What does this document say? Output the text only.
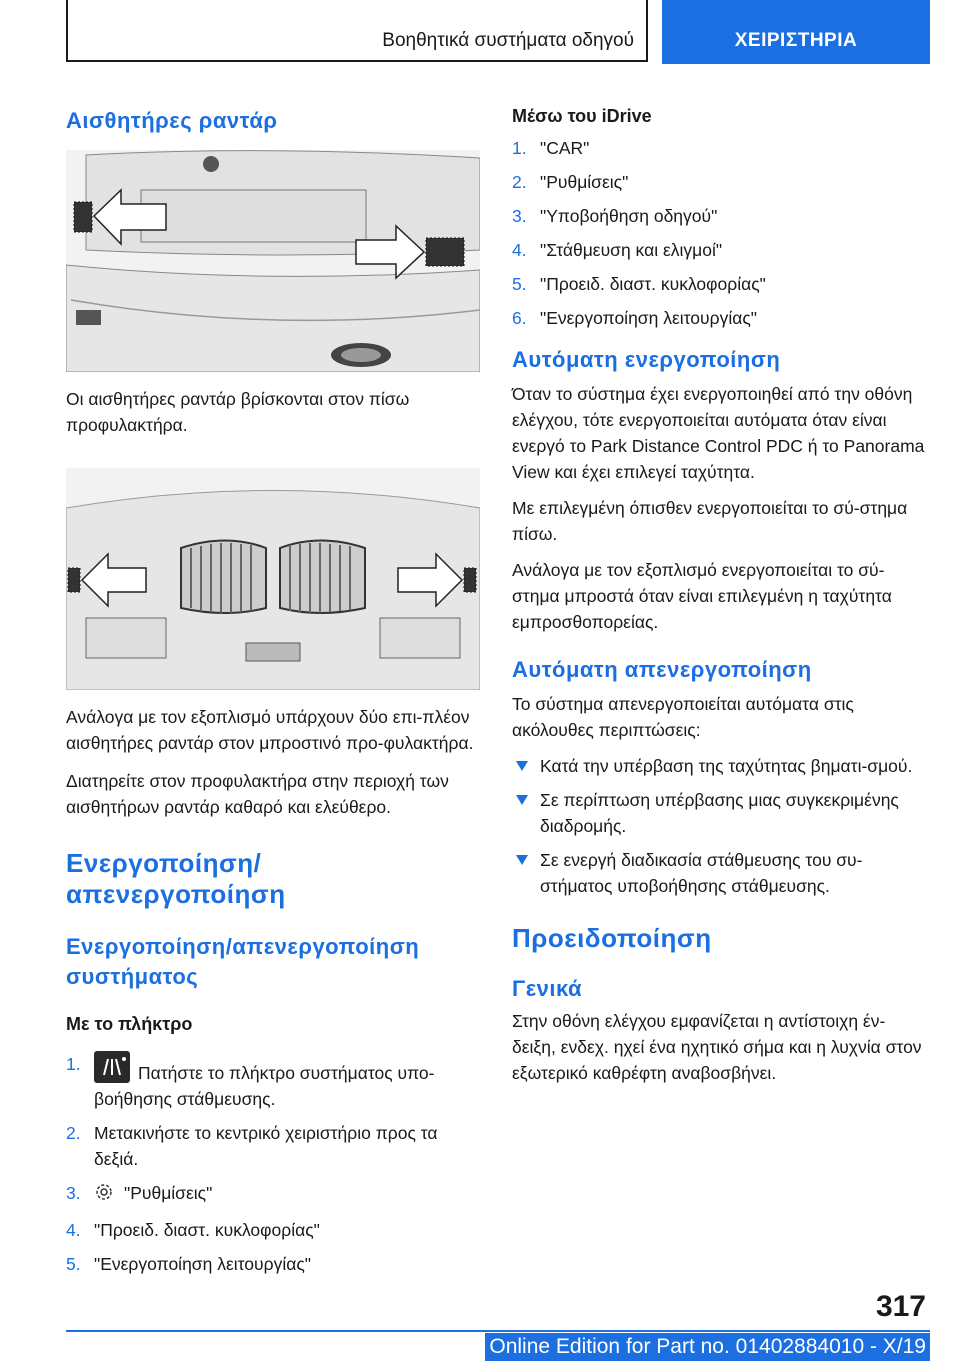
Βοηθητικά συστήματα οδηγού	ΧΕΙΡΙΣΤΗΡΙΑ
Αισθητήρες ραντάρ

Οι αισθητήρες ραντάρ βρίσκονται στον πίσω προφυλακτήρα.

Ανάλογα με τον εξοπλισμό υπάρχουν δύο επι-πλέον αισθητήρες ραντάρ στον μπροστινό προ-φυλακτήρα.

Διατηρείτε στον προφυλακτήρα στην περιοχή των αισθητήρων ραντάρ καθαρό και ελεύθερο.

Ενεργοποίηση/απενεργοποίηση
Ενεργοποίηση/απενεργοποίηση συστήματος
Με το πλήκτρο
1.	Πατήστε το πλήκτρο συστήματος υπο-βοήθησης στάθμευσης.
2. Μετακινήστε το κεντρικό χειριστήριο προς τα δεξιά.
3. "Ρυθμίσεις"
4. "Προειδ. διαστ. κυκλοφορίας"
5. "Ενεργοποίηση λειτουργίας"
Μέσω του iDrive
1. "CAR"
2. "Ρυθμίσεις"
3. "Υποβοήθηση οδηγού"
4. "Στάθμευση και ελιγμοί"
5. "Προειδ. διαστ. κυκλοφορίας"
6. "Ενεργοποίηση λειτουργίας"
Αυτόματη ενεργοποίηση

Όταν το σύστημα έχει ενεργοποιηθεί από την οθόνη ελέγχου, τότε ενεργοποιείται αυτόματα όταν είναι ενεργό το Park Distance Control PDC ή το Panorama View και έχει επιλεγεί ταχύτητα.

Με επιλεγμένη όπισθεν ενεργοποιείται το σύ-στημα πίσω.

Ανάλογα με τον εξοπλισμό ενεργοποιείται το σύ-στημα μπροστά όταν είναι επιλεγμένη η ταχύτητα εμπροσθοπορείας.

Αυτόματη απενεργοποίηση

Το σύστημα απενεργοποιείται αυτόματα στις ακόλουθες περιπτώσεις:

Κατά την υπέρβαση της ταχύτητας βηματι-σμού.
Σε περίπτωση υπέρβασης μιας συγκεκριμένης διαδρομής.
Σε ενεργή διαδικασία στάθμευσης του συ-στήματος υποβοήθησης στάθμευσης.
Προειδοποίηση
Γενικά

Στην οθόνη ελέγχου εμφανίζεται η αντίστοιχη έν-δειξη, ενδεχ. ηχεί ένα ηχητικό σήμα και η λυχνία στον εξωτερικό καθρέφτη αναβοσβήνει.

317
Online Edition for Part no. 01402884010 - X/19
